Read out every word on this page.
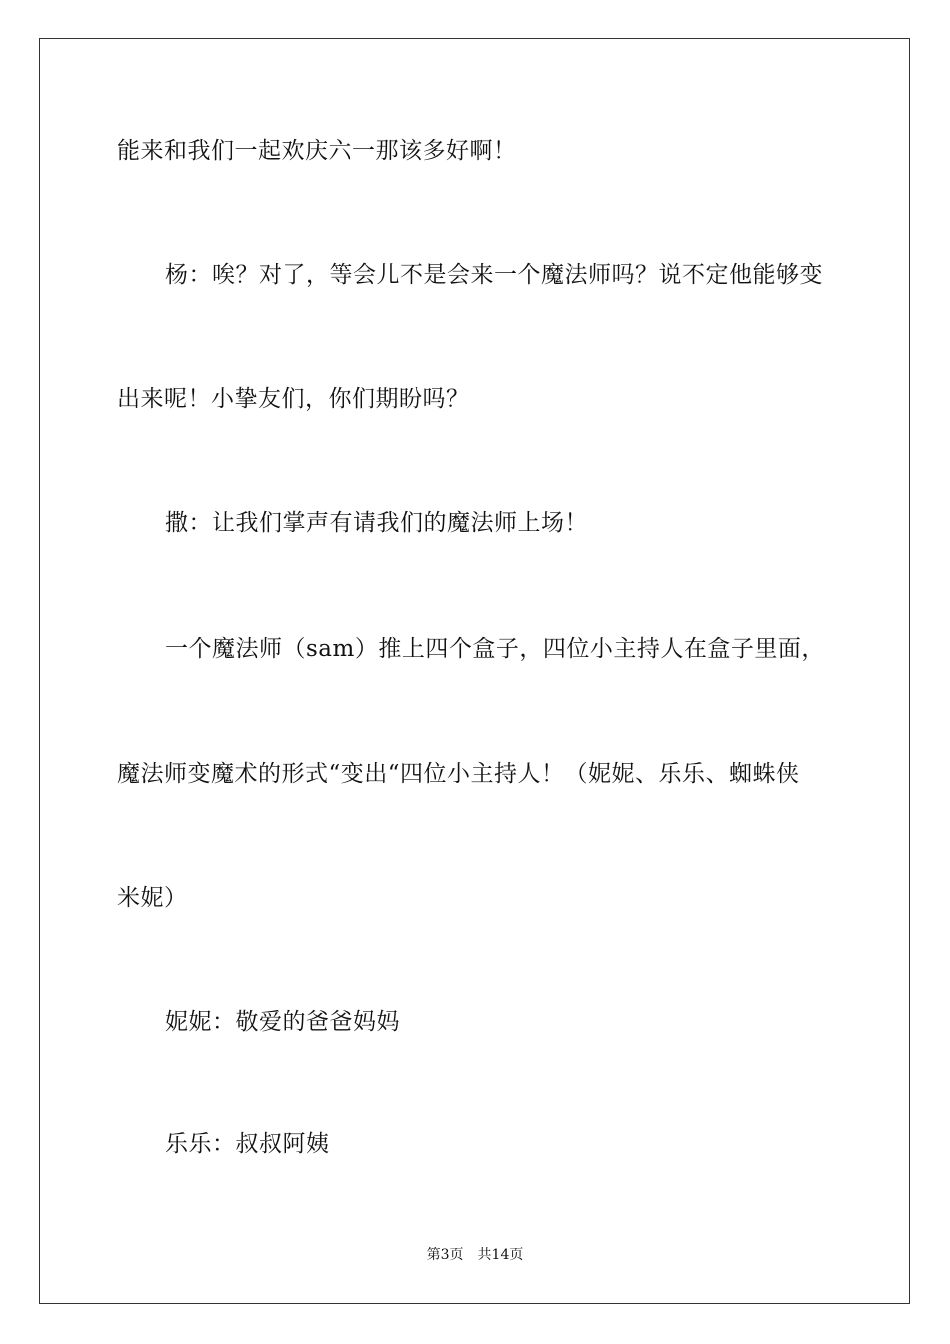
能来和我们一起欢庆六一那该多好啊！
杨：唉？对了，等会儿不是会来一个魔法师吗？说不定他能够变
出来呢！小挚友们，你们期盼吗？
撒：让我们掌声有请我们的魔法师上场！
一个魔法师（sam）推上四个盒子，四位小主持人在盒子里面，
魔法师变魔术的形式“变出“四位小主持人！（妮妮、乐乐、蜘蛛侠
米妮）
妮妮：敬爱的爸爸妈妈
乐乐：叔叔阿姨
第3页 共14页
